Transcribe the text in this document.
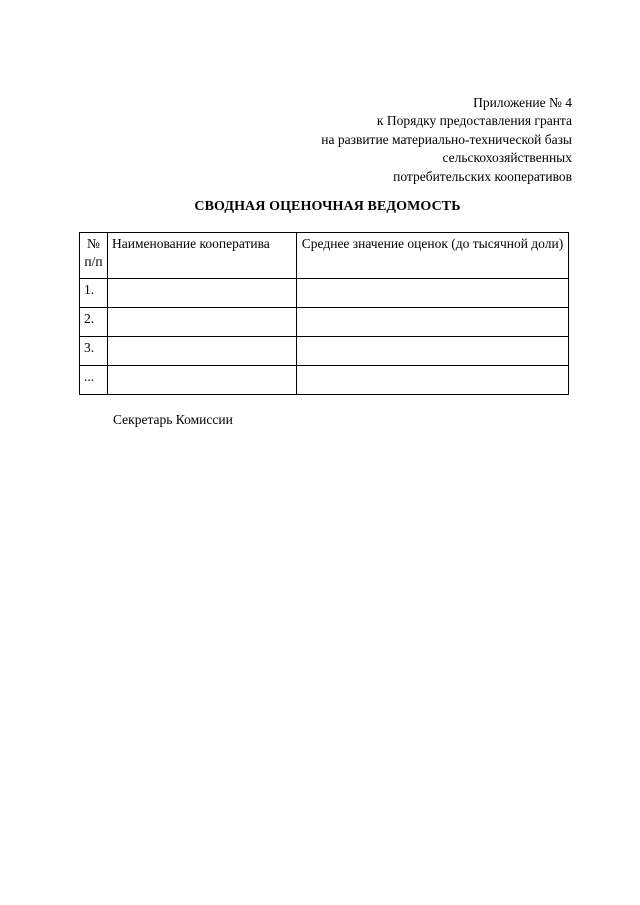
Приложение № 4
к Порядку предоставления гранта
на развитие материально-технической базы
сельскохозяйственных
потребительских кооперативов
СВОДНАЯ ОЦЕНОЧНАЯ ВЕДОМОСТЬ
№ п/п	Наименование кооператива	Среднее значение оценок (до тысячной доли)
1.		
2.		
3.		
...		
Секретарь Комиссии
